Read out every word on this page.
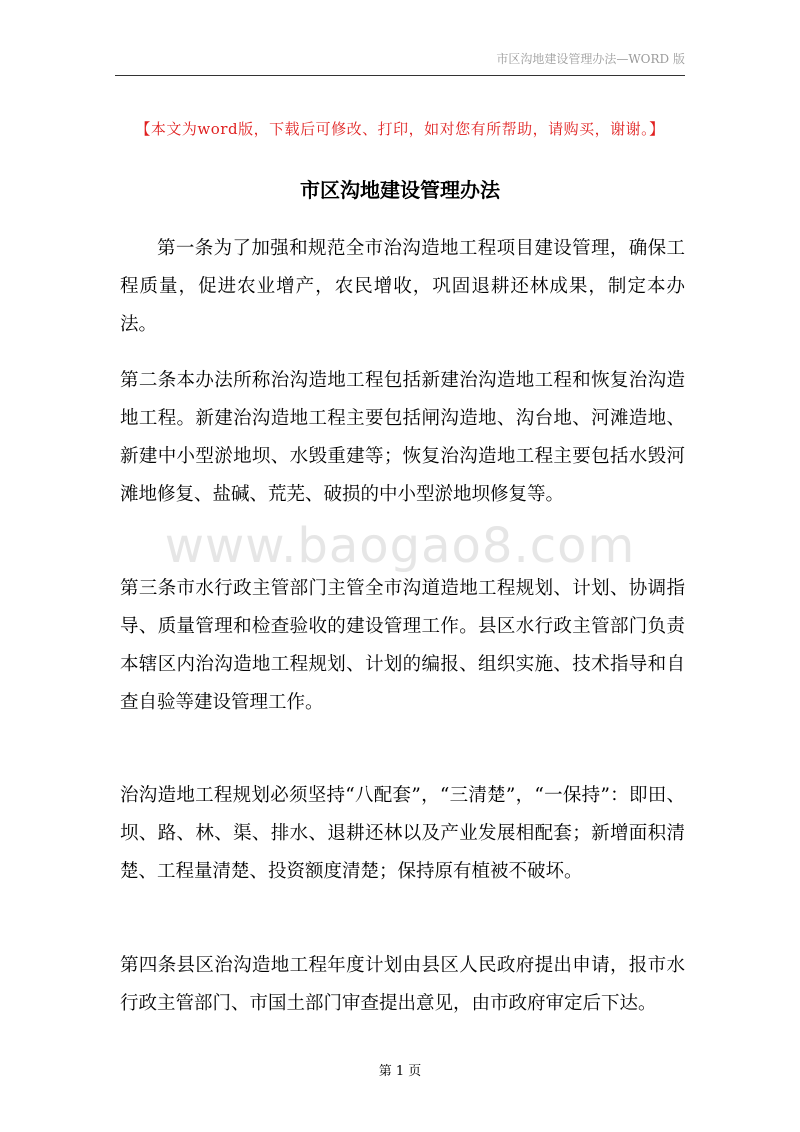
市区沟地建设管理办法—WORD 版
【本文为word版，下载后可修改、打印，如对您有所帮助，请购买，谢谢。】
市区沟地建设管理办法
第一条为了加强和规范全市治沟造地工程项目建设管理，确保工程质量，促进农业增产，农民增收，巩固退耕还林成果，制定本办法。
第二条本办法所称治沟造地工程包括新建治沟造地工程和恢复治沟造地工程。新建治沟造地工程主要包括闸沟造地、沟台地、河滩造地、新建中小型淤地坝、水毁重建等；恢复治沟造地工程主要包括水毁河滩地修复、盐碱、荒芜、破损的中小型淤地坝修复等。
www.baogao8.com
第三条市水行政主管部门主管全市沟道造地工程规划、计划、协调指导、质量管理和检查验收的建设管理工作。县区水行政主管部门负责本辖区内治沟造地工程规划、计划的编报、组织实施、技术指导和自查自验等建设管理工作。
治沟造地工程规划必须坚持“八配套”，“三清楚”，“一保持”：即田、坝、路、林、渠、排水、退耕还林以及产业发展相配套；新增面积清楚、工程量清楚、投资额度清楚；保持原有植被不破坏。
第四条县区治沟造地工程年度计划由县区人民政府提出申请，报市水行政主管部门、市国土部门审查提出意见，由市政府审定后下达。
第 1 页
